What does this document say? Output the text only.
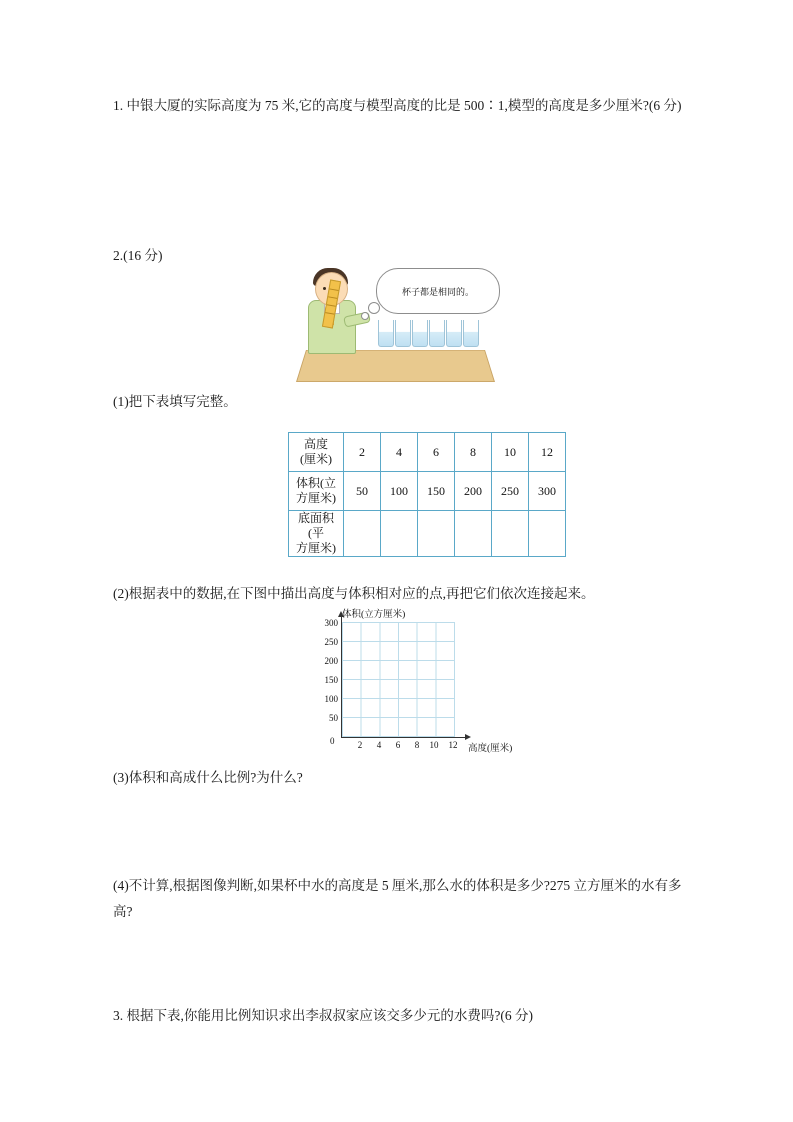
1. 中银大厦的实际高度为 75 米,它的高度与模型高度的比是 500∶1,模型的高度是多少厘米?(6 分)
2.(16 分)
杯子都是相同的。
(1)把下表填写完整。
高度
(厘米)	2	4	6	8	10	12

体积(立
方厘米)	50	100	150	200	250	300

底面积
(平
方厘米)						

(2)根据表中的数据,在下图中描出高度与体积相对应的点,再把它们依次连接起来。
体积(立方厘米)
300
250
200
150
100
50
0	2	4	6	8	10 12 高度(厘米)
(3)体积和高成什么比例?为什么?
(4)不计算,根据图像判断,如果杯中水的高度是 5 厘米,那么水的体积是多少?275 立方厘米的水有多高?
3. 根据下表,你能用比例知识求出李叔叔家应该交多少元的水费吗?(6 分)
